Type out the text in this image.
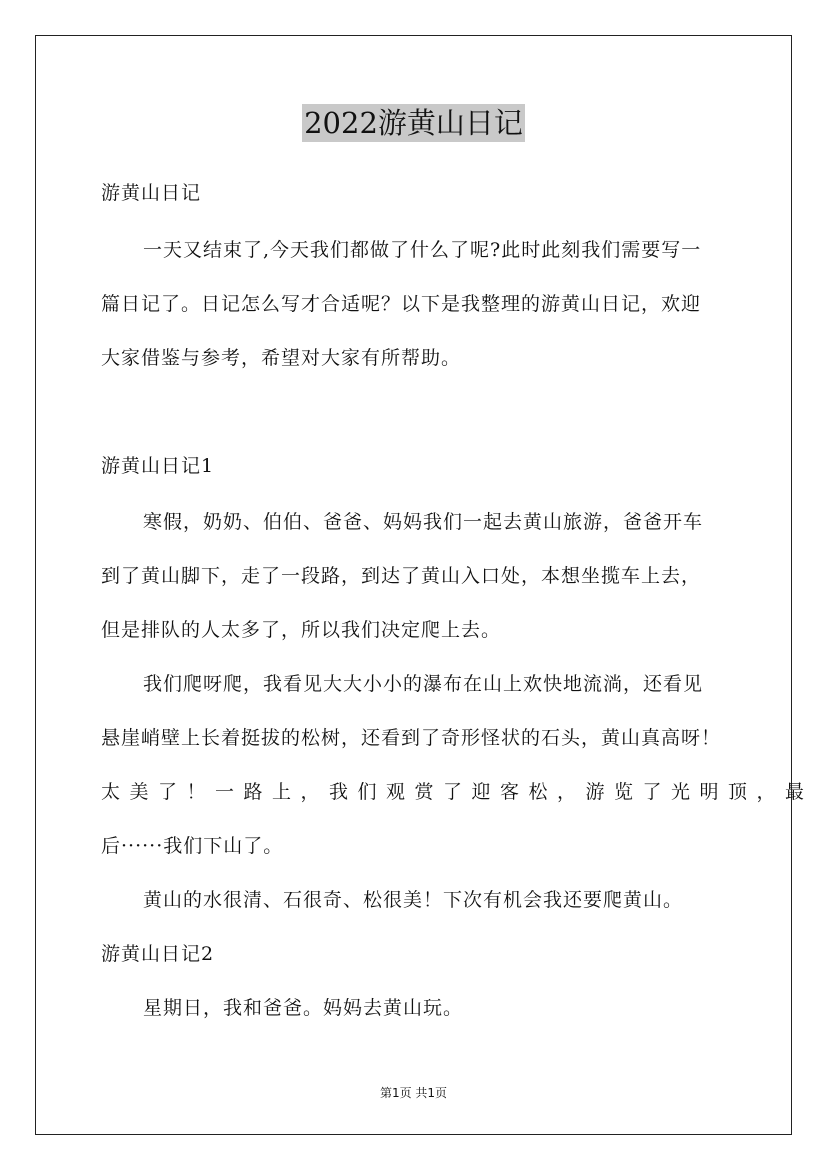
2022游黄山日记
游黄山日记
一天又结束了,今天我们都做了什么了呢?此时此刻我们需要写一
篇日记了。日记怎么写才合适呢？以下是我整理的游黄山日记，欢迎
大家借鉴与参考，希望对大家有所帮助。
游黄山日记1
寒假，奶奶、伯伯、爸爸、妈妈我们一起去黄山旅游，爸爸开车
到了黄山脚下，走了一段路，到达了黄山入口处，本想坐揽车上去，
但是排队的人太多了，所以我们决定爬上去。
我们爬呀爬，我看见大大小小的瀑布在山上欢快地流淌，还看见
悬崖峭壁上长着挺拔的松树，还看到了奇形怪状的石头，黄山真高呀！
太美了！一路上，我们观赏了迎客松，游览了光明顶，最
后······我们下山了。
黄山的水很清、石很奇、松很美！下次有机会我还要爬黄山。
游黄山日记2
星期日，我和爸爸。妈妈去黄山玩。
第1页 共1页
